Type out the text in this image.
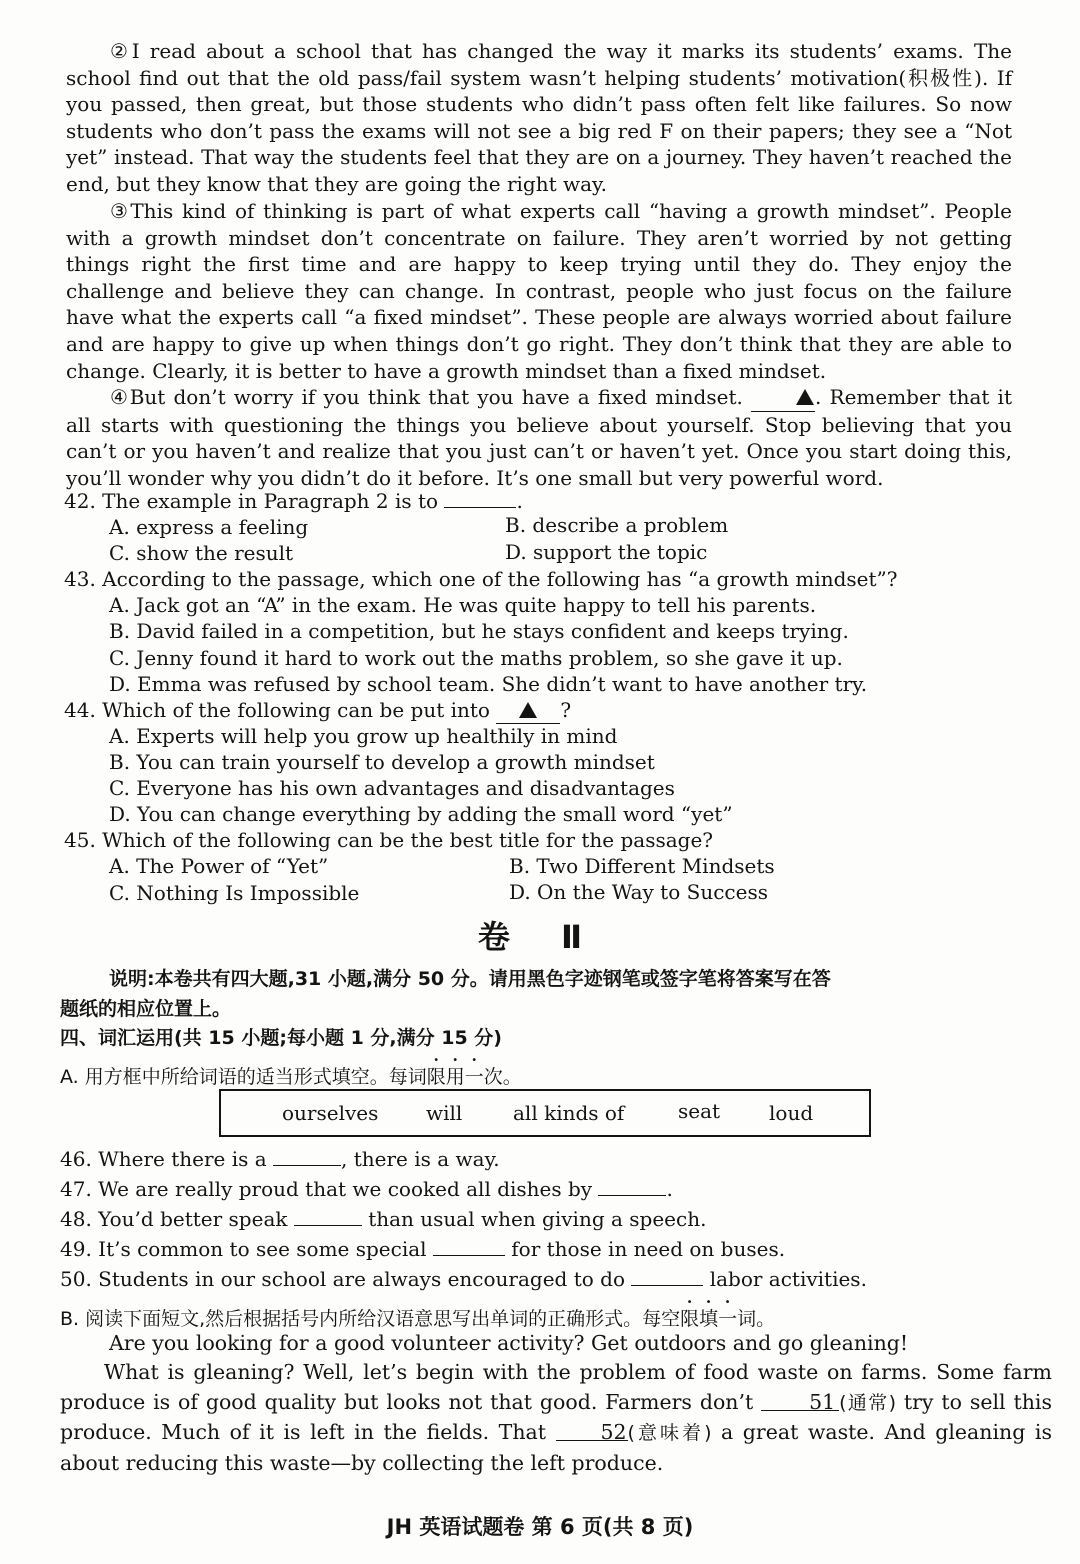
②I read about a school that has changed the way it marks its students’ exams. The school find out that the old pass/fail system wasn’t helping students’ motivation(积极性). If you passed, then great, but those students who didn’t pass often felt like failures. So now students who don’t pass the exams will not see a big red F on their papers; they see a “Not yet” instead. That way the students feel that they are on a journey. They haven’t reached the end, but they know that they are going the right way.
③This kind of thinking is part of what experts call “having a growth mindset”. People with a growth mindset don’t concentrate on failure. They aren’t worried by not getting things right the first time and are happy to keep trying until they do. They enjoy the challenge and believe they can change. In contrast, people who just focus on the failure have what the experts call “a fixed mindset”. These people are always worried about failure and are happy to give up when things don’t go right. They don’t think that they are able to change. Clearly, it is better to have a growth mindset than a fixed mindset.
④But don’t worry if you think that you have a fixed mindset.	. Remember that it all starts with questioning the things you believe about yourself. Stop believing that you can’t or you haven’t and realize that you just can’t or haven’t yet. Once you start doing this, you’ll wonder why you didn’t do it before. It’s one small but very powerful word.
42. The example in Paragraph 2 is to	.
A. express a feeling	B. describe a problem
C. show the result	D. support the topic
43. According to the passage, which one of the following has “a growth mindset”?
A. Jack got an “A” in the exam. He was quite happy to tell his parents.
B. David failed in a competition, but he stays confident and keeps trying.
C. Jenny found it hard to work out the maths problem, so she gave it up.
D. Emma was refused by school team. She didn’t want to have another try.
44. Which of the following can be put into	?
A. Experts will help you grow up healthily in mind
B. You can train yourself to develop a growth mindset
C. Everyone has his own advantages and disadvantages
D. You can change everything by adding the small word “yet”
45. Which of the following can be the best title for the passage?
A. The Power of “Yet”	B. Two Different Mindsets
C. Nothing Is Impossible	D. On the Way to Success
卷 Ⅱ
说明:本卷共有四大题,31 小题,满分 50 分。请用黑色字迹钢笔或签字笔将答案写在答
题纸的相应位置上。
四、词汇运用(共 15 小题;每小题 1 分,满分 15 分)
A. 用方框中所给词语的适当形式填空。每词限用一次。
ourselves will	all kinds of	seat loud
46. Where there is a	, there is a way.
47. We are really proud that we cooked all dishes by	.
48. You’d better speak	than usual when giving a speech.
49. It’s common to see some special	for those in need on buses.
50. Students in our school are always encouraged to do	labor activities.
B. 阅读下面短文,然后根据括号内所给汉语意思写出单词的正确形式。每空限填一词。
Are you looking for a good volunteer activity? Get outdoors and go gleaning!
What is gleaning? Well, let’s begin with the problem of food waste on farms. Some farm produce is of good quality but looks not that good. Farmers don’t	51 (通常) try to sell this produce. Much of it is left in the fields. That	52(意味着) a great waste. And gleaning is about reducing this waste—by collecting the left produce.
JH 英语试题卷 第 6 页(共 8 页)
